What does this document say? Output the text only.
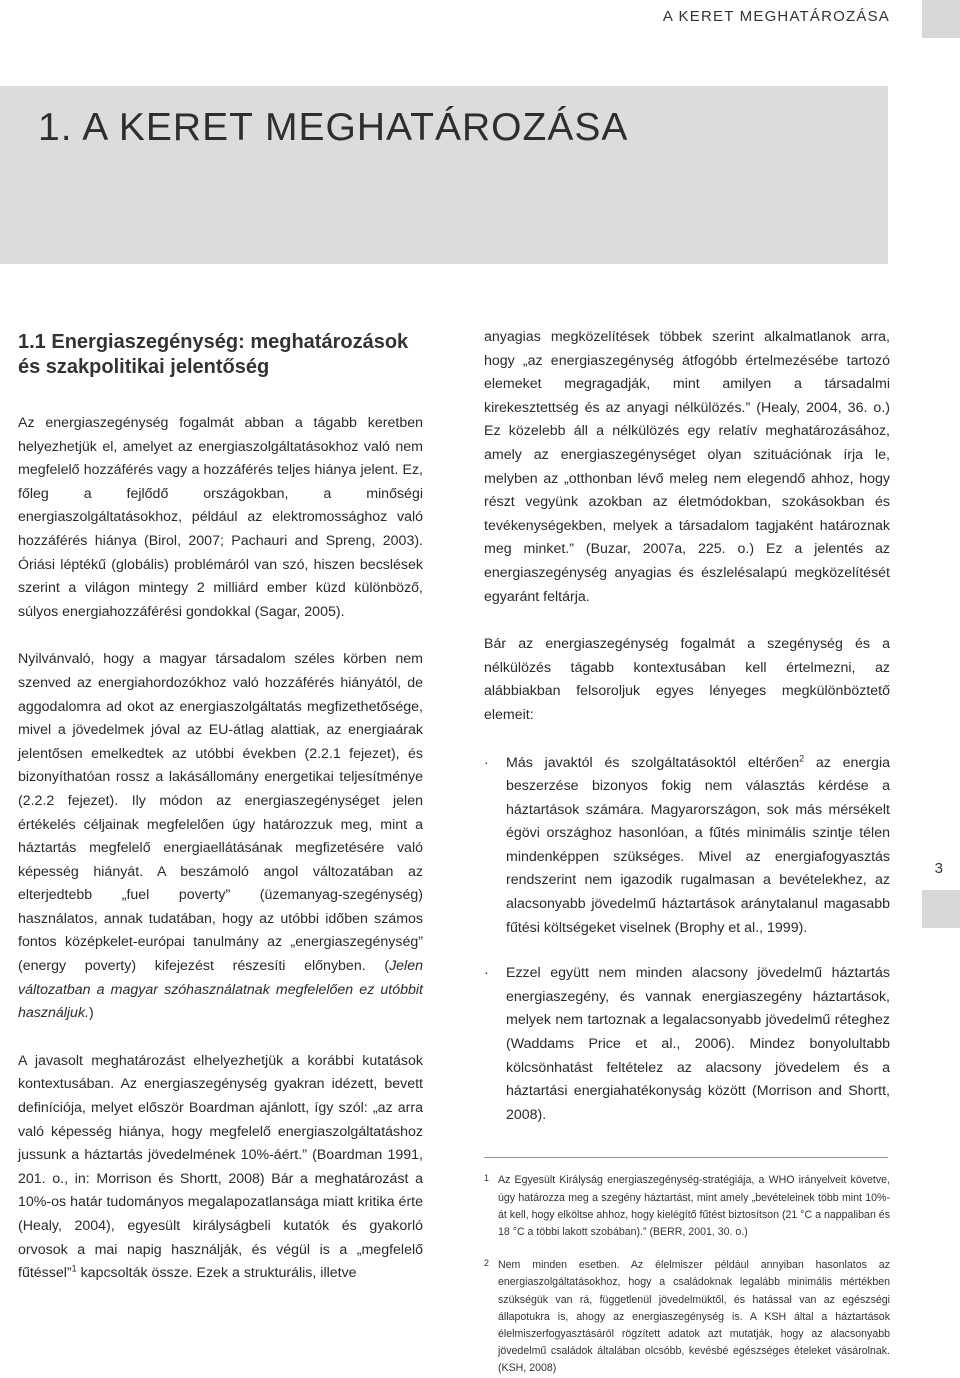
A KERET MEGHATÁROZÁSA
1. A KERET MEGHATÁROZÁSA
1.1 Energiaszegénység: meghatározások
és szakpolitikai jelentőség

Az energiaszegénység fogalmát abban a tágabb keretben helyezhetjük el, amelyet az energiaszolgáltatásokhoz való nem megfelelő hozzáférés vagy a hozzáférés teljes hiánya jelent. Ez, főleg a fejlődő országokban, a minőségi energiaszolgáltatásokhoz, például az elektromossághoz való hozzáférés hiánya (Birol, 2007; Pachauri and Spreng, 2003). Óriási léptékű (globális) problémáról van szó, hiszen becslések szerint a világon mintegy 2 milliárd ember küzd különböző, súlyos energiahozzáférési gondokkal (Sagar, 2005).

Nyilvánvaló, hogy a magyar társadalom széles körben nem szenved az energiahordozókhoz való hozzáférés hiányától, de aggodalomra ad okot az energiaszolgáltatás megfizethetősége, mivel a jövedelmek jóval az EU-átlag alattiak, az energiaárak jelentősen emelkedtek az utóbbi években (2.2.1 fejezet), és bizonyíthatóan rossz a lakásállomány energetikai teljesítménye (2.2.2 fejezet). Ily módon az energiaszegénységet jelen értékelés céljainak megfelelően úgy határozzuk meg, mint a háztartás megfelelő energiaellátásának megfizetésére való képesség hiányát. A beszámoló angol változatában az elterjedtebb „fuel poverty” (üzemanyag-szegénység) használatos, annak tudatában, hogy az utóbbi időben számos fontos középkelet-európai tanulmány az „energiaszegénység” (energy poverty) kifejezést részesíti előnyben. (Jelen változatban a magyar szóhasználatnak megfelelően ez utóbbit használjuk.)

A javasolt meghatározást elhelyezhetjük a korábbi kutatások kontextusában. Az energiaszegénység gyakran idézett, bevett definíciója, melyet először Boardman ajánlott, így szól: „az arra való képesség hiánya, hogy megfelelő energiaszolgáltatáshoz jussunk a háztartás jövedelmének 10%-áért.” (Boardman 1991, 201. o., in: Morrison és Shortt, 2008) Bár a meghatározást a 10%-os határ tudományos megalapozatlansága miatt kritika érte (Healy, 2004), egyesült királyságbeli kutatók és gyakorló orvosok a mai napig használják, és végül is a „megfelelő fűtéssel”$^1$ kapcsolták össze. Ezek a strukturális, illetve

anyagias megközelítések többek szerint alkalmatlanok arra, hogy „az energiaszegénység átfogóbb értelmezésébe tartozó elemeket megragadják, mint amilyen a társadalmi kirekesztettség és az anyagi nélkülözés.” (Healy, 2004, 36. o.) Ez közelebb áll a nélkülözés egy relatív meghatározásához, amely az energiaszegénységet olyan szituációnak írja le, melyben az „otthonban lévő meleg nem elegendő ahhoz, hogy részt vegyünk azokban az életmódokban, szokásokban és tevékenységekben, melyek a társadalom tagjaként határoznak meg minket.” (Buzar, 2007a, 225. o.) Ez a jelentés az energiaszegénység anyagias és észlelésalapú megközelítését egyaránt feltárja.

Bár az energiaszegénység fogalmát a szegénység és a nélkülözés tágabb kontextusában kell értelmezni, az alábbiakban felsoroljuk egyes lényeges megkülönböztető elemeit:

· Más javaktól és szolgáltatásoktól eltérően$^2$ az energia beszerzése bizonyos fokig nem választás kérdése a háztartások számára. Magyarországon, sok más mérsékelt égövi országhoz hasonlóan, a fűtés minimális szintje télen mindenképpen szükséges. Mivel az energiafogyasztás rendszerint nem igazodik rugalmasan a bevételekhez, az alacsonyabb jövedelmű háztartások aránytalanul magasabb fűtési költségeket viselnek (Brophy et al., 1999).
· Ezzel együtt nem minden alacsony jövedelmű háztartás energiaszegény, és vannak energiaszegény háztartások, melyek nem tartoznak a legalacsonyabb jövedelmű réteghez (Waddams Price et al., 2006). Mindez bonyolultabb kölcsönhatást feltételez az alacsony jövedelem és a háztartási energiahatékonyság között (Morrison and Shortt, 2008).
1 Az Egyesült Királyság energiaszegénység-stratégiája, a WHO irányelveit követve, úgy határozza meg a szegény háztartást, mint amely „bevételeinek több mint 10%-át kell, hogy elköltse ahhoz, hogy kielégítő fűtést biztosítson (21 °C a nappaliban és 18 °C a többi lakott szobában).” (BERR, 2001, 30. o.)
2 Nem minden esetben. Az élelmiszer például annyiban hasonlatos az energiaszolgáltatásokhoz, hogy a családoknak legalább minimális mértékben szükségük van rá, függetlenül jövedelmüktől, és hatással van az egészségi állapotukra is, ahogy az energiaszegénység is. A KSH által a háztartások élelmiszerfogyasztásáról rögzített adatok azt mutatják, hogy az alacsonyabb jövedelmű családok általában olcsóbb, kevésbé egészséges ételeket vásárolnak. (KSH, 2008)
3
